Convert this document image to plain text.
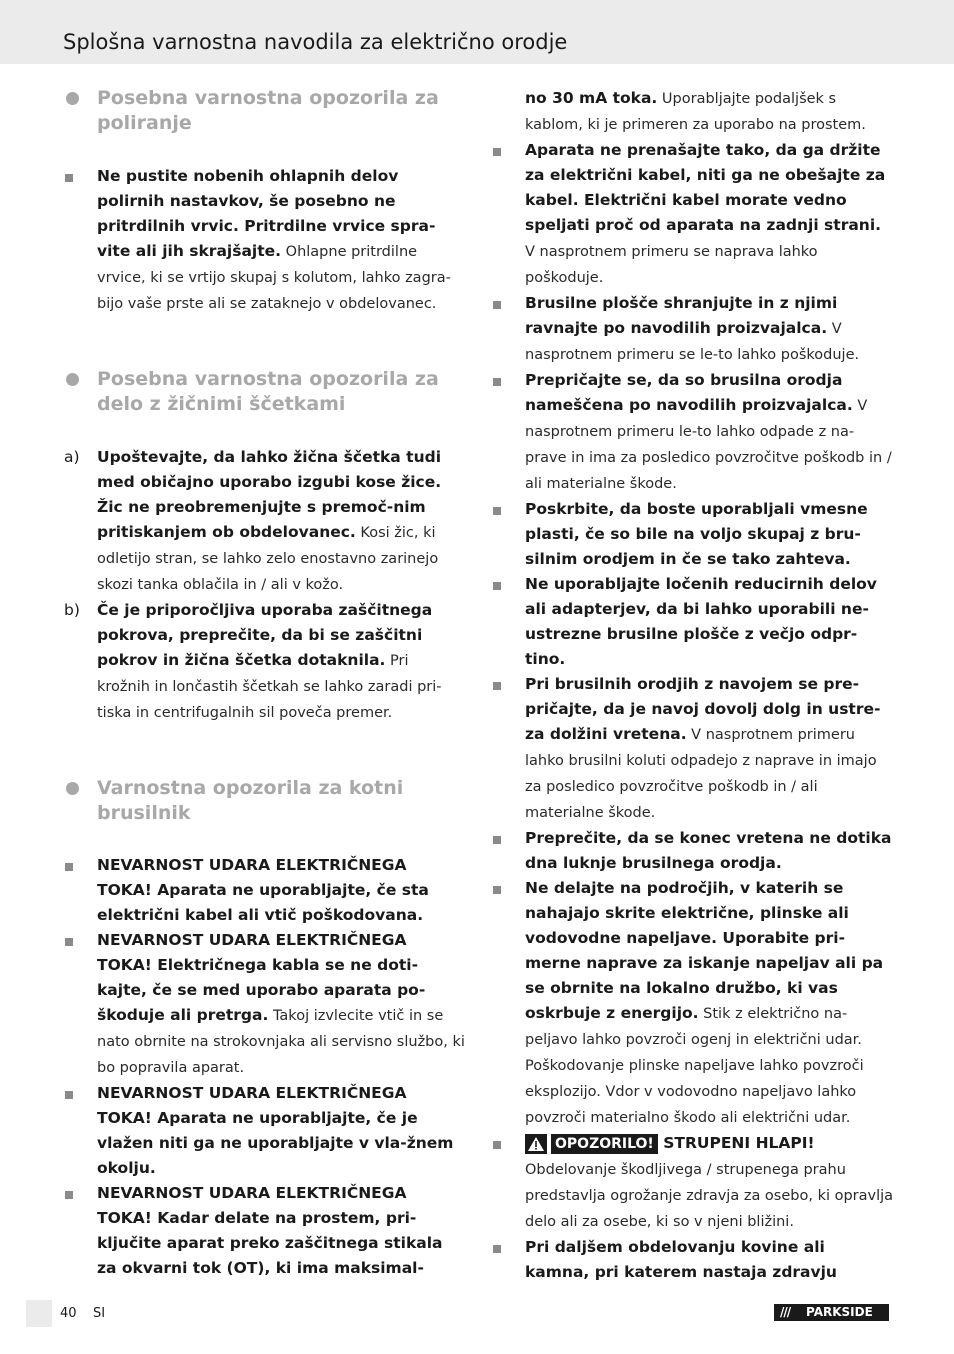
Splošna varnostna navodila za električno orodje
Posebna varnostna opozorila za poliranje
Ne pustite nobenih ohlapnih delov polirnih nastavkov, še posebno ne pritrdilnih vrvic. Pritrdilne vrvice spra-vite ali jih skrajšajte. Ohlapne pritrdilne vrvice, ki se vrtijo skupaj s kolutom, lahko zagra-bijo vaše prste ali se zataknejo v obdelovanec.
Posebna varnostna opozorila za delo z žičnimi ščetkami
a) Upoštevajte, da lahko žična ščetka tudi med običajno uporabo izgubi kose žice. Žic ne preobremenjujte s premoč-nim pritiskanjem ob obdelovanec. Kosi žic, ki odletijo stran, se lahko zelo enostavno zarinejo skozi tanka oblačila in / ali v kožo.
b) Če je priporočljiva uporaba zaščitnega pokrova, preprečite, da bi se zaščitni pokrov in žična ščetka dotaknila. Pri krožnih in lončastih ščetkah se lahko zaradi pri-tiska in centrifugalnih sil poveča premer.
Varnostna opozorila za kotni brusilnik
NEVARNOST UDARA ELEKTRIČNEGA TOKA! Aparata ne uporabljajte, če sta električni kabel ali vtič poškodovana.
NEVARNOST UDARA ELEKTRIČNEGA TOKA! Električnega kabla se ne doti-kajte, če se med uporabo aparata po-škoduje ali pretrga. Takoj izvlecite vtič in se nato obrnite na strokovnjaka ali servisno službo, ki bo popravila aparat.
NEVARNOST UDARA ELEKTRIČNEGA TOKA! Aparata ne uporabljajte, če je vlažen niti ga ne uporabljajte v vla-žnem okolju.
NEVARNOST UDARA ELEKTRIČNEGA TOKA! Kadar delate na prostem, pri-ključite aparat preko zaščitnega stikala za okvarni tok (OT), ki ima maksimal-
no 30 mA toka. Uporabljajte podaljšek s kablom, ki je primeren za uporabo na prostem.
Aparata ne prenašajte tako, da ga držite za električni kabel, niti ga ne obešajte za kabel. Električni kabel morate vedno speljati proč od aparata na zadnji strani. V nasprotnem primeru se naprava lahko poškoduje.
Brusilne plošče shranjujte in z njimi ravnajte po navodilih proizvajalca. V nasprotnem primeru se le-to lahko poškoduje.
Prepričajte se, da so brusilna orodja nameščena po navodilih proizvajalca. V nasprotnem primeru le-to lahko odpade z na-prave in ima za posledico povzročitve poškodb in / ali materialne škode.
Poskrbite, da boste uporabljali vmesne plasti, če so bile na voljo skupaj z bru-silnim orodjem in če se tako zahteva.
Ne uporabljajte ločenih reducirnih delov ali adapterjev, da bi lahko uporabili ne-ustrezne brusilne plošče z večjo odpr-tino.
Pri brusilnih orodjih z navojem se pre-pričajte, da je navoj dovolj dolg in ustre-za dolžini vretena. V nasprotnem primeru lahko brusilni koluti odpadejo z naprave in imajo za posledico povzročitve poškodb in / ali materialne škode.
Preprečite, da se konec vretena ne dotika dna luknje brusilnega orodja.
Ne delajte na področjih, v katerih se nahajajo skrite električne, plinske ali vodovodne napeljave. Uporabite pri-merne naprave za iskanje napeljav ali pa se obrnite na lokalno družbo, ki vas oskrbuje z energijo. Stik z električno na-peljavo lahko povzroči ogenj in električni udar. Poškodovanje plinske napeljave lahko povzroči eksplozijo. Vdor v vodovodno napeljavo lahko povzroči materialno škodo ali električni udar.
OPOZORILO! STRUPENI HLAPI! Obdelovanje škodljivega / strupenega prahu predstavlja ogrožanje zdravja za osebo, ki opravlja delo ali za osebe, ki so v njeni bližini.
Pri daljšem obdelovanju kovine ali kamna, pri katerem nastaja zdravju
40 SI	/// PARKSIDE
